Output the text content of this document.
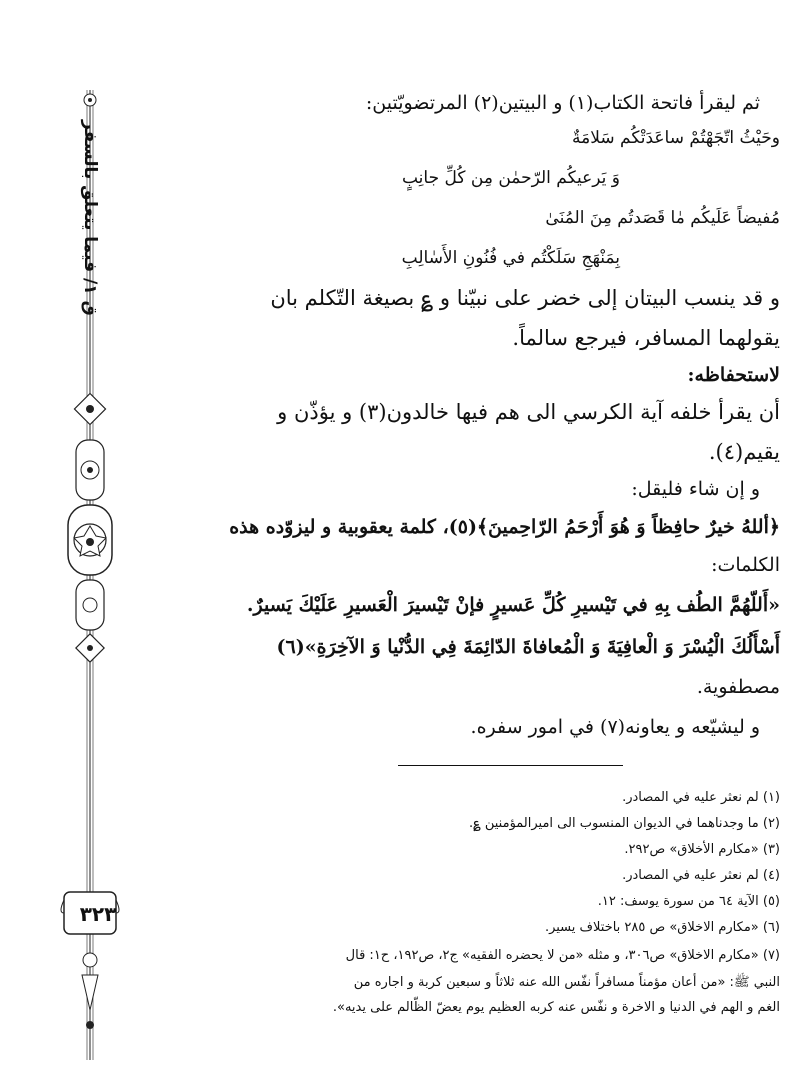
ق ١/ فيما يتعلق بالسفر
٣٢٣
ثم ليقرأ فاتحة الكتاب(١) و البيتين(٢) المرتضويّتين:
وحَيْثُ اتّجَهْتُمْ ساعَدَتْكُم سَلامَةٌ
وَ يَرعيكُم الرّحمٰن مِن كُلِّ جانِبٍ
مُفيضاً عَلَيكُم مٰا قَصَدتُم مِنَ المُنَىٰ
بِمَنْهَجِ سَلَكْتُم في فُنُونِ الأَسٰالِبِ
و قد ينسب البيتان إلى خضر على نبيّنا و ؏ بصيغة التّكلم بان
يقولهما المسافر، فيرجع سالماً.
لاستحفاظه:
أن يقرأ خلفه آية الكرسي الى هم فيها خالدون(٣) و يؤذّن و
يقيم(٤).
و إن شاء فليقل:
﴿أللهُ خيرٌ حافِظاً وَ هُوَ أَرْحَمُ الرّاحِمينَ﴾(٥)، كلمة يعقوبية و ليزوّده هذه
الكلمات:
«أَللّهُمَّ الطُف بِهِ في تَيْسيرِ كُلِّ عَسيرٍ فإنْ تَيْسيرَ الْعَسيرِ عَلَيْكَ يَسيرٌ.
أَسْأَلُكَ الْيُسْرَ وَ الْعافِيَةَ وَ الْمُعافاةَ الدّائِمَةَ فِي الدُّنْيا وَ الآخِرَةِ»(٦)
مصطفوية.
و ليشيّعه و يعاونه(٧) في امور سفره.
(١) لم نعثر عليه في المصادر.
(٢) ما وجدناهما في الديوان المنسوب الى اميرالمؤمنين ؏.
(٣) «مكارم الأخلاق» ص٢٩٢.
(٤) لم نعثر عليه في المصادر.
(٥) الآية ٦٤ من سورة يوسف: ١٢.
(٦) «مكارم الاخلاق» ص ٢٨٥ باختلاف يسير.
(٧) «مكارم الاخلاق» ص٣٠٦، و مثله «من لا يحضره الفقيه» ج٢، ص١٩٢، ح١: قال
النبي ﷺ: «من أعان مؤمناً مسافراً نفّس الله عنه ثلاثاً و سبعين كربة و اجاره من
الغم و الهم في الدنيا و الاخرة و نفّس عنه كربه العظيم يوم يعضّ الظّالم على يديه».
